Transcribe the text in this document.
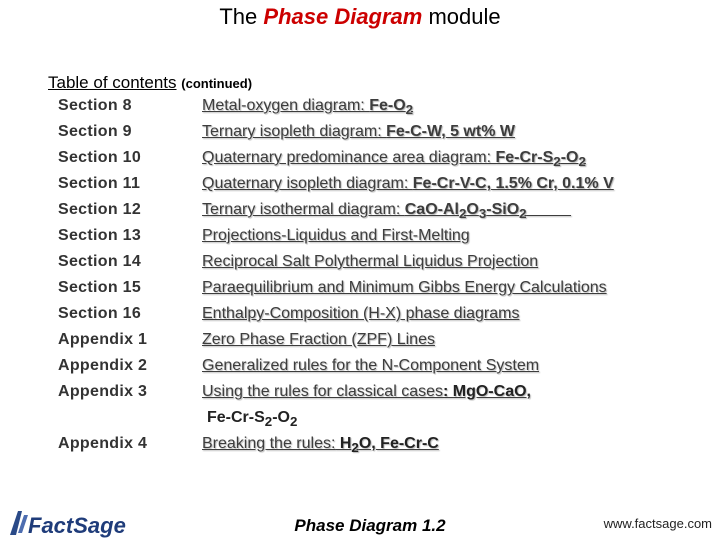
The Phase Diagram module
Table of contents (continued)
Section 8	Metal-oxygen diagram: $Fe-O_2$
Section 9	Ternary isopleth diagram: Fe-C-W, 5 wt% W
Section 10	Quaternary predominance area diagram: $Fe-Cr-S_2-O_2$
Section 11	Quaternary isopleth diagram: Fe-Cr-V-C, 1.5% Cr, 0.1% V
Section 12	Ternary isothermal diagram: CaO-$Al_2O_3-SiO_2$
Section 13	Projections-Liquidus and First-Melting
Section 14	Reciprocal Salt Polythermal Liquidus Projection
Section 15	Paraequilibrium and Minimum Gibbs Energy Calculations
Section 16	Enthalpy-Composition (H-X) phase diagrams
Appendix 1	Zero Phase Fraction (ZPF) Lines
Appendix 2	Generalized rules for the N-Component System
Appendix 3	Using the rules for classical cases: MgO-CaO,
$Fe-Cr-S_2-O_2$
Appendix 4	Breaking the rules: $H_2O$, Fe-Cr-C
FactSage	Phase Diagram 1.2	www.factsage.com
